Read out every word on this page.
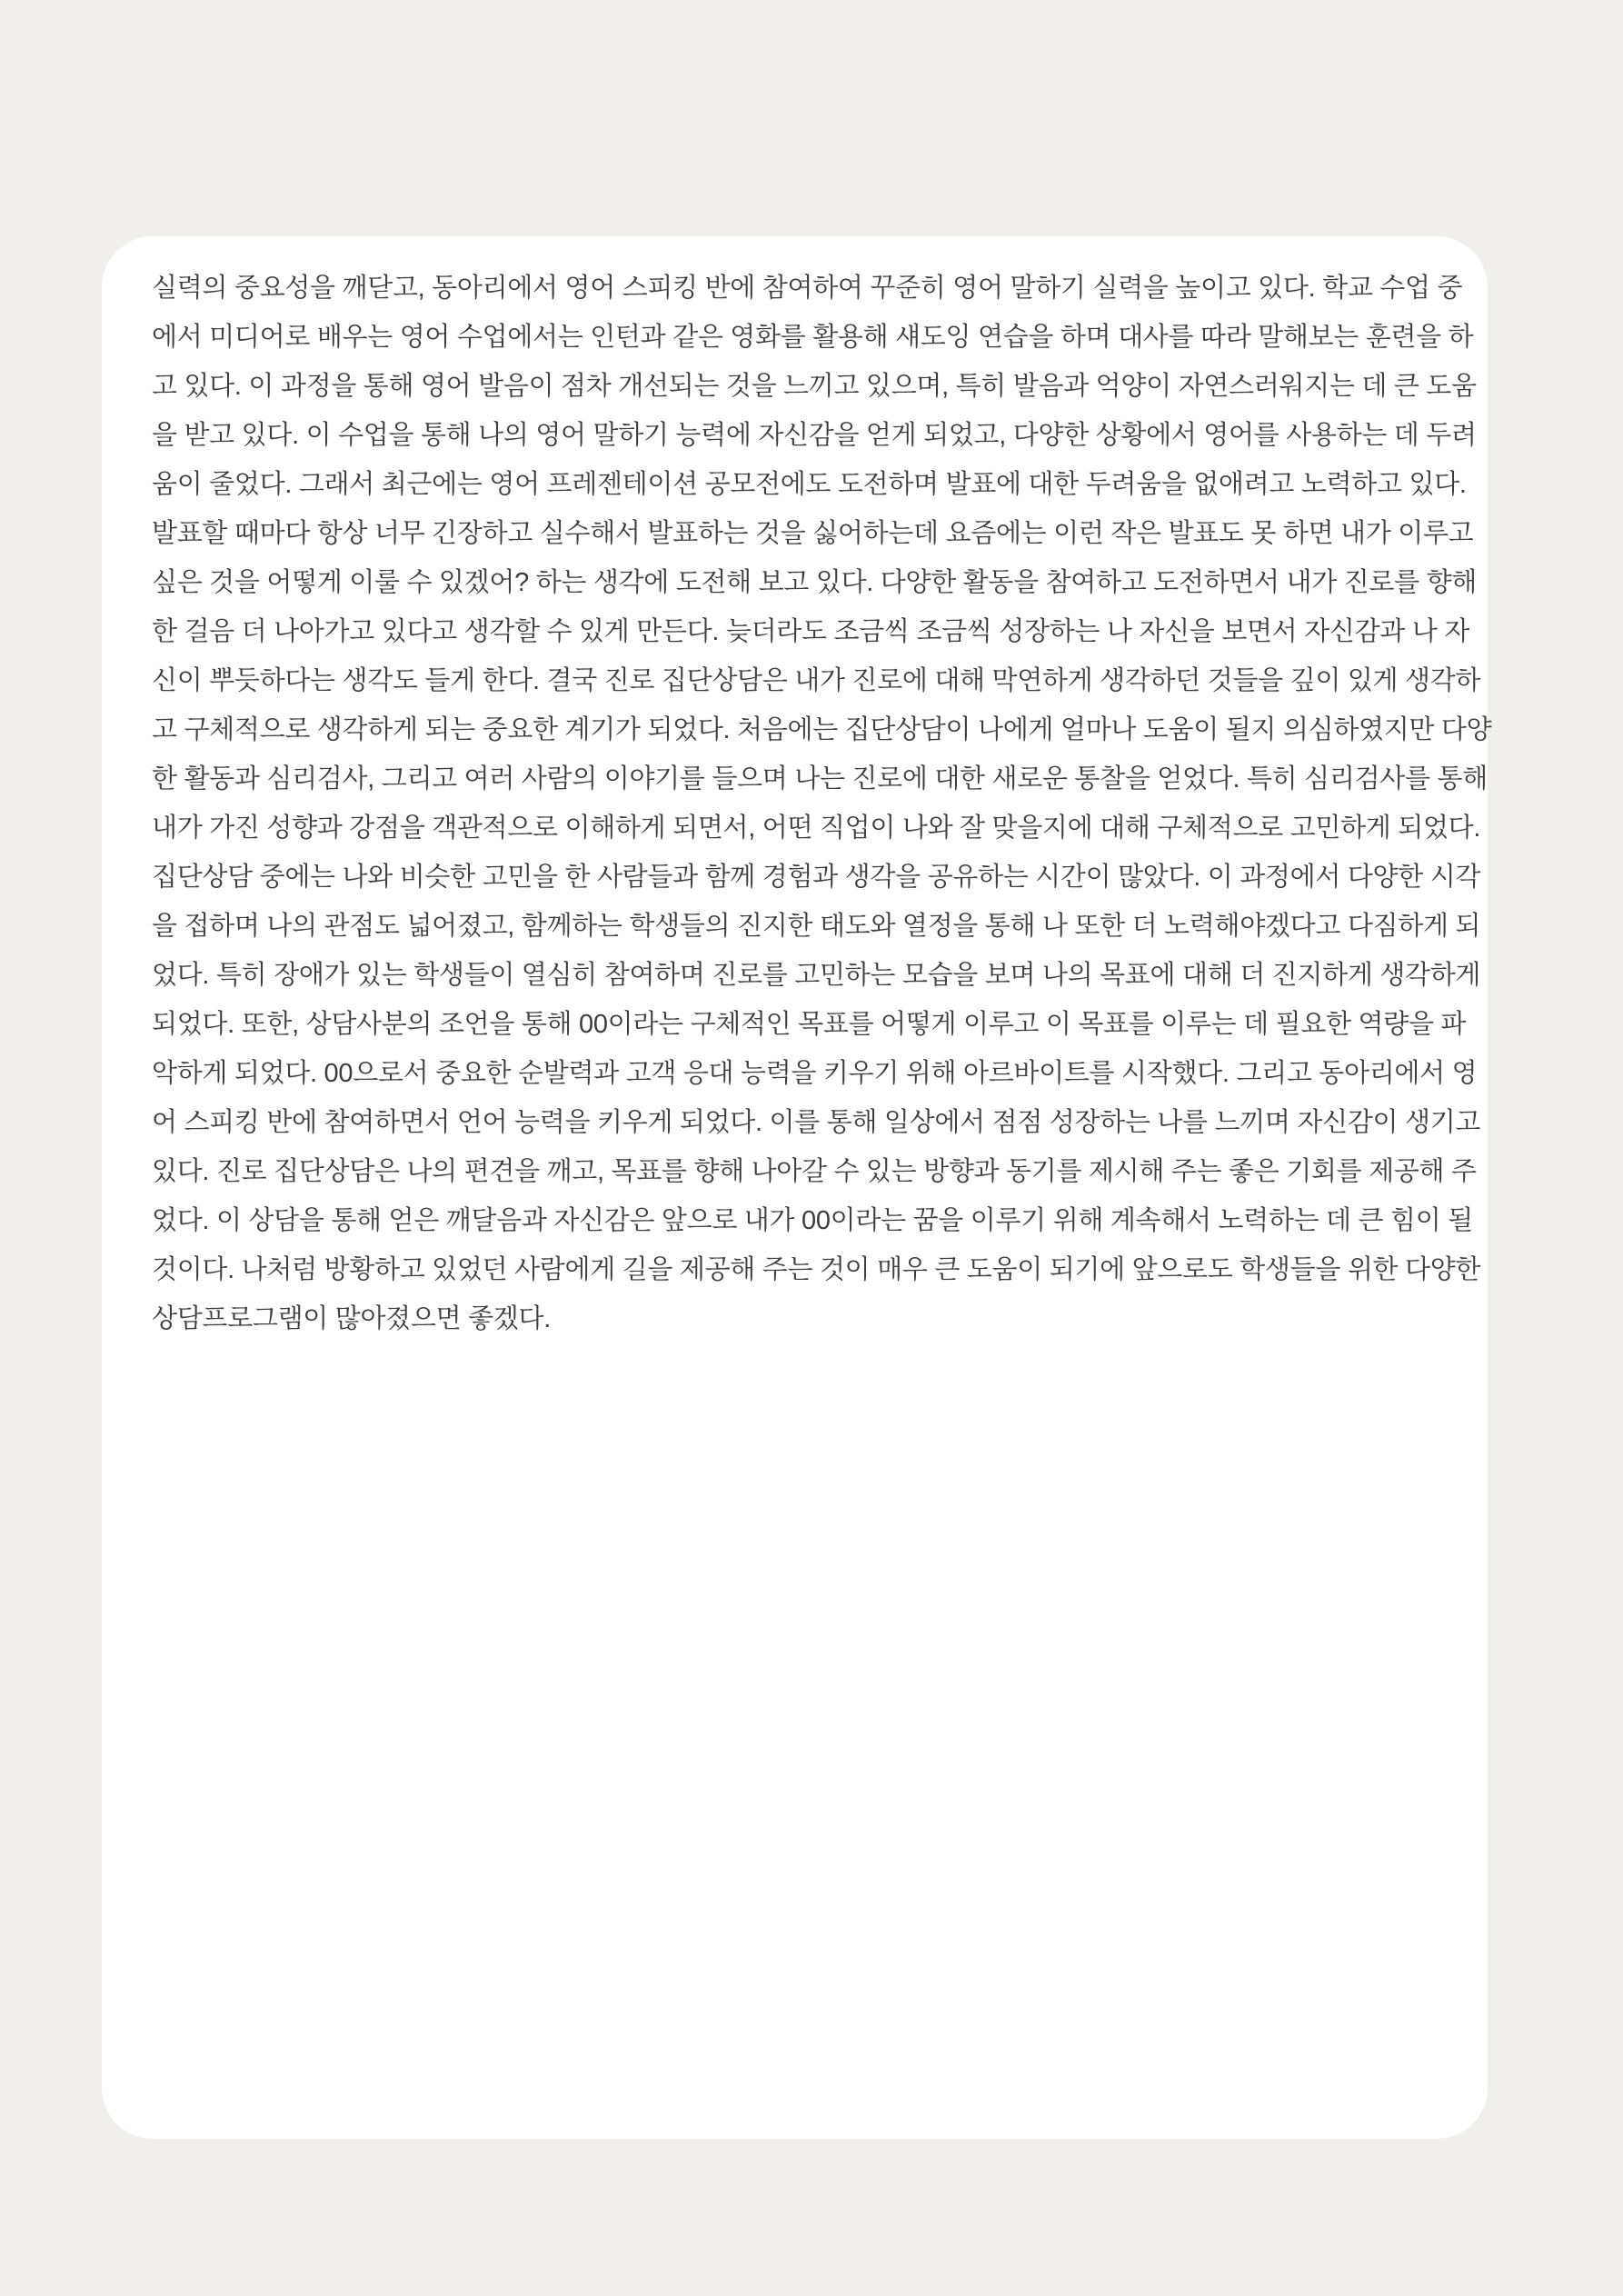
실력의 중요성을 깨닫고, 동아리에서 영어 스피킹 반에 참여하여 꾸준히 영어 말하기 실력을 높이고 있다. 학교 수업 중
에서 미디어로 배우는 영어 수업에서는 인턴과 같은 영화를 활용해 섀도잉 연습을 하며 대사를 따라 말해보는 훈련을 하
고 있다. 이 과정을 통해 영어 발음이 점차 개선되는 것을 느끼고 있으며, 특히 발음과 억양이 자연스러워지는 데 큰 도움
을 받고 있다. 이 수업을 통해 나의 영어 말하기 능력에 자신감을 얻게 되었고, 다양한 상황에서 영어를 사용하는 데 두려
움이 줄었다. 그래서 최근에는 영어 프레젠테이션 공모전에도 도전하며 발표에 대한 두려움을 없애려고 노력하고 있다.
발표할 때마다 항상 너무 긴장하고 실수해서 발표하는 것을 싫어하는데 요즘에는 이런 작은 발표도 못 하면 내가 이루고
싶은 것을 어떻게 이룰 수 있겠어? 하는 생각에 도전해 보고 있다. 다양한 활동을 참여하고 도전하면서 내가 진로를 향해
한 걸음 더 나아가고 있다고 생각할 수 있게 만든다. 늦더라도 조금씩 조금씩 성장하는 나 자신을 보면서 자신감과 나 자
신이 뿌듯하다는 생각도 들게 한다. 결국 진로 집단상담은 내가 진로에 대해 막연하게 생각하던 것들을 깊이 있게 생각하
고 구체적으로 생각하게 되는 중요한 계기가 되었다. 처음에는 집단상담이 나에게 얼마나 도움이 될지 의심하였지만 다양
한 활동과 심리검사, 그리고 여러 사람의 이야기를 들으며 나는 진로에 대한 새로운 통찰을 얻었다. 특히 심리검사를 통해
내가 가진 성향과 강점을 객관적으로 이해하게 되면서, 어떤 직업이 나와 잘 맞을지에 대해 구체적으로 고민하게 되었다.
집단상담 중에는 나와 비슷한 고민을 한 사람들과 함께 경험과 생각을 공유하는 시간이 많았다. 이 과정에서 다양한 시각
을 접하며 나의 관점도 넓어졌고, 함께하는 학생들의 진지한 태도와 열정을 통해 나 또한 더 노력해야겠다고 다짐하게 되
었다. 특히 장애가 있는 학생들이 열심히 참여하며 진로를 고민하는 모습을 보며 나의 목표에 대해 더 진지하게 생각하게
되었다. 또한, 상담사분의 조언을 통해 00이라는 구체적인 목표를 어떻게 이루고 이 목표를 이루는 데 필요한 역량을 파
악하게 되었다. 00으로서 중요한 순발력과 고객 응대 능력을 키우기 위해 아르바이트를 시작했다. 그리고 동아리에서 영
어 스피킹 반에 참여하면서 언어 능력을 키우게 되었다. 이를 통해 일상에서 점점 성장하는 나를 느끼며 자신감이 생기고
있다. 진로 집단상담은 나의 편견을 깨고, 목표를 향해 나아갈 수 있는 방향과 동기를 제시해 주는 좋은 기회를 제공해 주
었다. 이 상담을 통해 얻은 깨달음과 자신감은 앞으로 내가 00이라는 꿈을 이루기 위해 계속해서 노력하는 데 큰 힘이 될
것이다. 나처럼 방황하고 있었던 사람에게 길을 제공해 주는 것이 매우 큰 도움이 되기에 앞으로도 학생들을 위한 다양한
상담프로그램이 많아졌으면 좋겠다.
